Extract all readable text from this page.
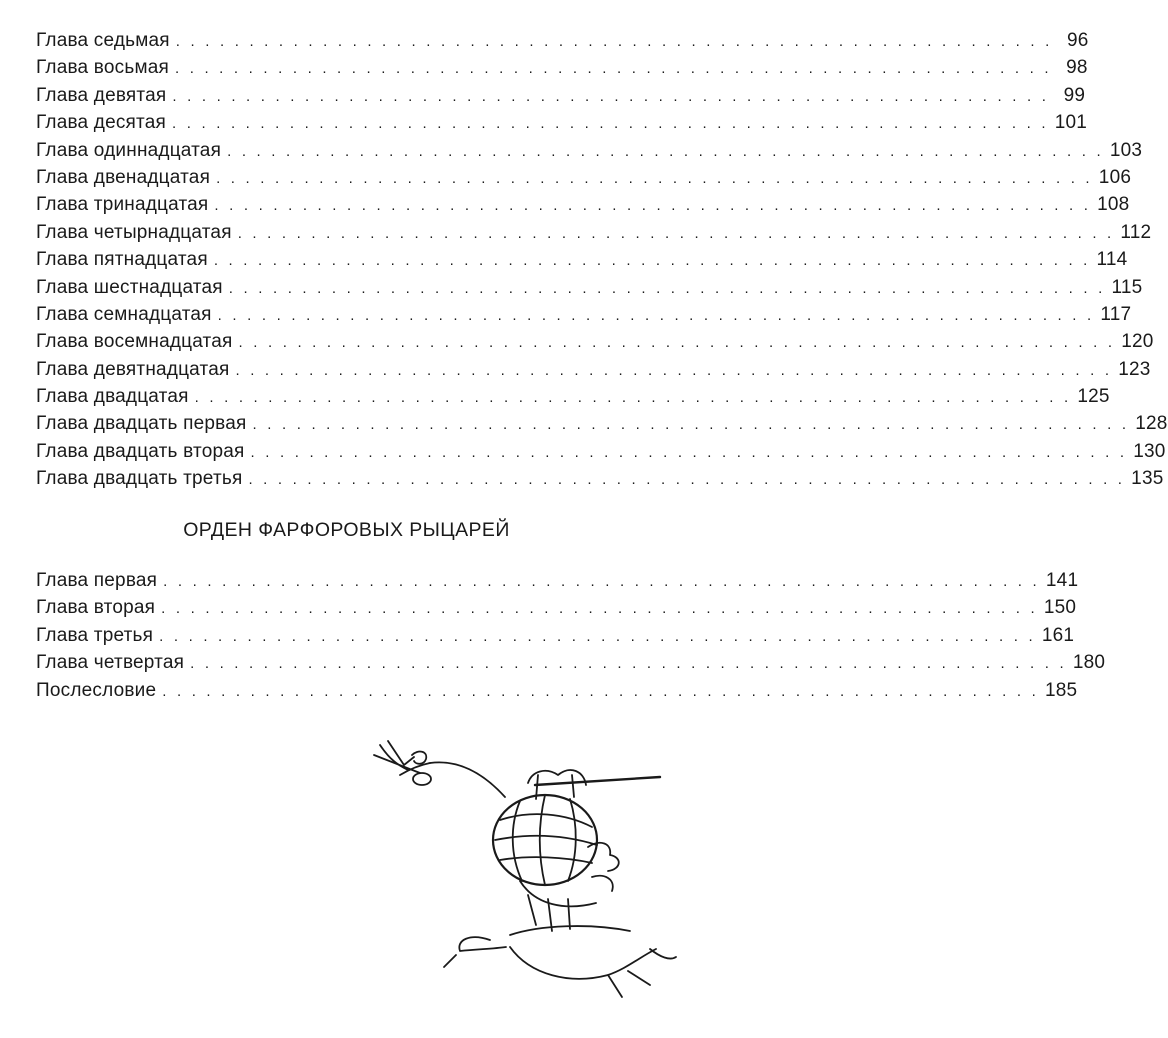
Глава седьмая . . . . . . . . . . . . . . . . . . . . . . . . . . . . . . . . . . . . . . . . . . . . . . . . . . . . . . . . . . . . 96
Глава восьмая . . . . . . . . . . . . . . . . . . . . . . . . . . . . . . . . . . . . . . . . . . . . . . . . . . . . . . . . . . . . 98
Глава девятая . . . . . . . . . . . . . . . . . . . . . . . . . . . . . . . . . . . . . . . . . . . . . . . . . . . . . . . . . . . . 99
Глава десятая . . . . . . . . . . . . . . . . . . . . . . . . . . . . . . . . . . . . . . . . . . . . . . . . . . . . . . . . . . . . 101
Глава одиннадцатая . . . . . . . . . . . . . . . . . . . . . . . . . . . . . . . . . . . . . . . . . . . . . . . . . . . . . . . . . . . . 103
Глава двенадцатая . . . . . . . . . . . . . . . . . . . . . . . . . . . . . . . . . . . . . . . . . . . . . . . . . . . . . . . . . . . . 106
Глава тринадцатая . . . . . . . . . . . . . . . . . . . . . . . . . . . . . . . . . . . . . . . . . . . . . . . . . . . . . . . . . . . . 108
Глава четырнадцатая . . . . . . . . . . . . . . . . . . . . . . . . . . . . . . . . . . . . . . . . . . . . . . . . . . . . . . . . . . . . 112
Глава пятнадцатая . . . . . . . . . . . . . . . . . . . . . . . . . . . . . . . . . . . . . . . . . . . . . . . . . . . . . . . . . . . . 114
Глава шестнадцатая . . . . . . . . . . . . . . . . . . . . . . . . . . . . . . . . . . . . . . . . . . . . . . . . . . . . . . . . . . . . 115
Глава семнадцатая . . . . . . . . . . . . . . . . . . . . . . . . . . . . . . . . . . . . . . . . . . . . . . . . . . . . . . . . . . . . 117
Глава восемнадцатая . . . . . . . . . . . . . . . . . . . . . . . . . . . . . . . . . . . . . . . . . . . . . . . . . . . . . . . . . . . . 120
Глава девятнадцатая . . . . . . . . . . . . . . . . . . . . . . . . . . . . . . . . . . . . . . . . . . . . . . . . . . . . . . . . . . . . 123
Глава двадцатая . . . . . . . . . . . . . . . . . . . . . . . . . . . . . . . . . . . . . . . . . . . . . . . . . . . . . . . . . . . . 125
Глава двадцать первая . . . . . . . . . . . . . . . . . . . . . . . . . . . . . . . . . . . . . . . . . . . . . . . . . . . . . . . . . . . . 128
Глава двадцать вторая . . . . . . . . . . . . . . . . . . . . . . . . . . . . . . . . . . . . . . . . . . . . . . . . . . . . . . . . . . . . 130
Глава двадцать третья . . . . . . . . . . . . . . . . . . . . . . . . . . . . . . . . . . . . . . . . . . . . . . . . . . . . . . . . . . . . 135
ОРДЕН ФАРФОРОВЫХ РЫЦАРЕЙ
Глава первая . . . . . . . . . . . . . . . . . . . . . . . . . . . . . . . . . . . . . . . . . . . . . . . . . . . . . . . . . . . . 141
Глава вторая . . . . . . . . . . . . . . . . . . . . . . . . . . . . . . . . . . . . . . . . . . . . . . . . . . . . . . . . . . . . 150
Глава третья . . . . . . . . . . . . . . . . . . . . . . . . . . . . . . . . . . . . . . . . . . . . . . . . . . . . . . . . . . . . 161
Глава четвертая . . . . . . . . . . . . . . . . . . . . . . . . . . . . . . . . . . . . . . . . . . . . . . . . . . . . . . . . . . . . 180
Послесловие . . . . . . . . . . . . . . . . . . . . . . . . . . . . . . . . . . . . . . . . . . . . . . . . . . . . . . . . . . . . 185
